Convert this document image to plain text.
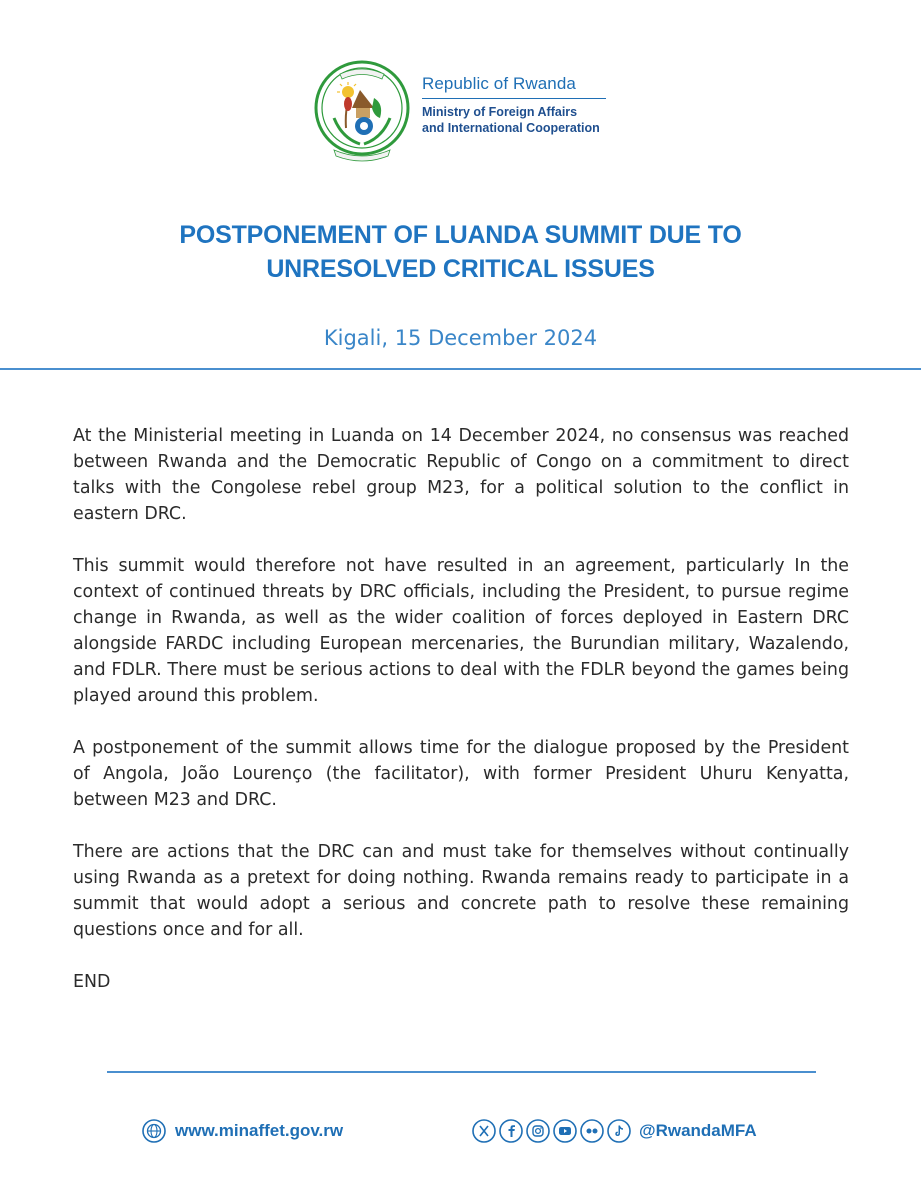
Republic of Rwanda
Ministry of Foreign Affairs
and International Cooperation
POSTPONEMENT OF LUANDA SUMMIT DUE TO
UNRESOLVED CRITICAL ISSUES
Kigali, 15 December 2024

At the Ministerial meeting in Luanda on 14 December 2024, no consensus was reached between Rwanda and the Democratic Republic of Congo on a commitment to direct talks with the Congolese rebel group M23, for a political solution to the conflict in eastern DRC.

This summit would therefore not have resulted in an agreement, particularly In the context of continued threats by DRC officials, including the President, to pursue regime change in Rwanda, as well as the wider coalition of forces deployed in Eastern DRC alongside FARDC including European mercenaries, the Burundian military, Wazalendo, and FDLR. There must be serious actions to deal with the FDLR beyond the games being played around this problem.

A postponement of the summit allows time for the dialogue proposed by the President of Angola, João Lourenço (the facilitator), with former President Uhuru Kenyatta, between M23 and DRC.

There are actions that the DRC can and must take for themselves without continually using Rwanda as a pretext for doing nothing. Rwanda remains ready to participate in a summit that would adopt a serious and concrete path to resolve these remaining questions once and for all.

END

www.minaffet.gov.rw	@RwandaMFA
